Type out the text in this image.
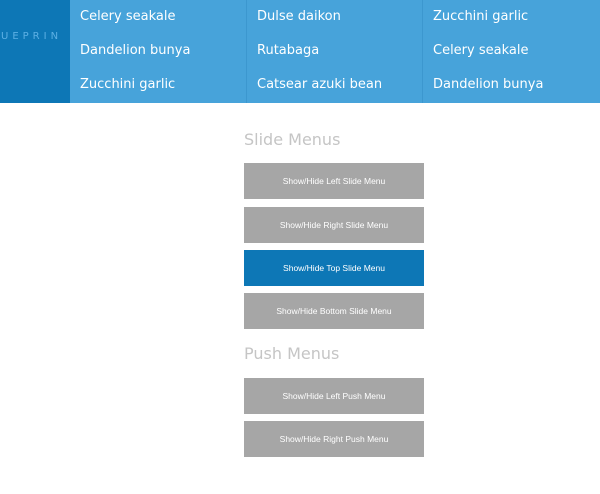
UEPRIN
Celery seakale
Dandelion bunya
Zucchini garlic
Dulse daikon
Rutabaga
Catsear azuki bean
Zucchini garlic
Celery seakale
Dandelion bunya
Slide Menus
Show/Hide Left Slide Menu
Show/Hide Right Slide Menu
Show/Hide Top Slide Menu
Show/Hide Bottom Slide Menu
Push Menus
Show/Hide Left Push Menu
Show/Hide Right Push Menu
